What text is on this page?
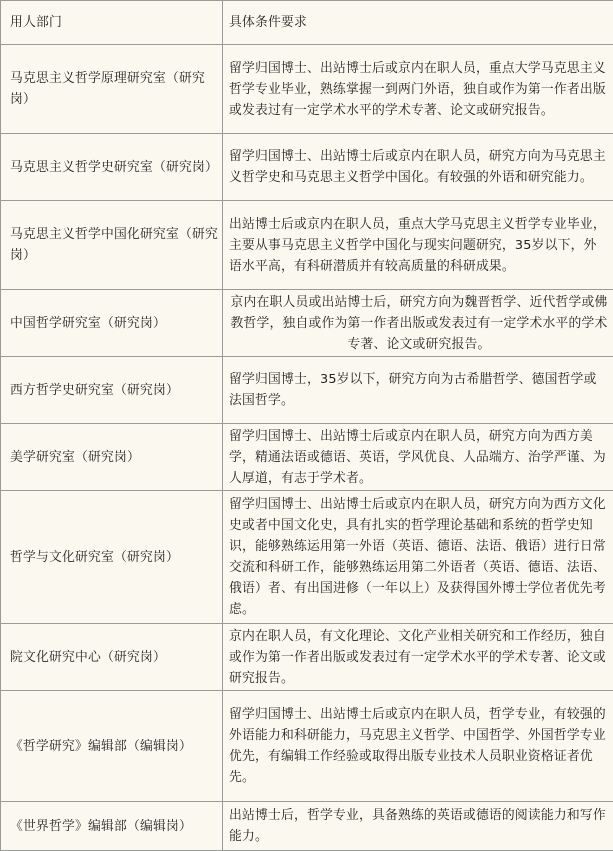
用人部门	具体条件要求
马克思主义哲学原理研究室（研究岗）	留学归国博士、出站博士后或京内在职人员，重点大学马克思主义哲学专业毕业，熟练掌握一到两门外语，独自或作为第一作者出版或发表过有一定学术水平的学术专著、论文或研究报告。
马克思主义哲学史研究室（研究岗）	留学归国博士、出站博士后或京内在职人员，研究方向为马克思主义哲学史和马克思主义哲学中国化。有较强的外语和研究能力。
马克思主义哲学中国化研究室（研究岗）	出站博士后或京内在职人员，重点大学马克思主义哲学专业毕业，主要从事马克思主义哲学中国化与现实问题研究，35岁以下，外语水平高，有科研潜质并有较高质量的科研成果。
中国哲学研究室（研究岗）	京内在职人员或出站博士后，研究方向为魏晋哲学、近代哲学或佛教哲学，独自或作为第一作者出版或发表过有一定学术水平的学术专著、论文或研究报告。
西方哲学史研究室（研究岗）	留学归国博士，35岁以下，研究方向为古希腊哲学、德国哲学或法国哲学。
美学研究室（研究岗）	留学归国博士、出站博士后或京内在职人员，研究方向为西方美学，精通法语或德语、英语，学风优良、人品端方、治学严谨、为人厚道，有志于学术者。
哲学与文化研究室（研究岗）	留学归国博士、出站博士后或京内在职人员，研究方向为西方文化史或者中国文化史，具有扎实的哲学理论基础和系统的哲学史知识，能够熟练运用第一外语（英语、德语、法语、俄语）进行日常交流和科研工作，能够熟练运用第二外语者（英语、德语、法语、俄语）者、有出国进修（一年以上）及获得国外博士学位者优先考虑。
院文化研究中心（研究岗）	京内在职人员，有文化理论、文化产业相关研究和工作经历，独自或作为第一作者出版或发表过有一定学术水平的学术专著、论文或研究报告。
《哲学研究》编辑部（编辑岗）	留学归国博士、出站博士后或京内在职人员，哲学专业，有较强的外语能力和科研能力，马克思主义哲学、中国哲学、外国哲学专业优先，有编辑工作经验或取得出版专业技术人员职业资格证者优先。
《世界哲学》编辑部（编辑岗）	出站博士后，哲学专业，具备熟练的英语或德语的阅读能力和写作能力。
